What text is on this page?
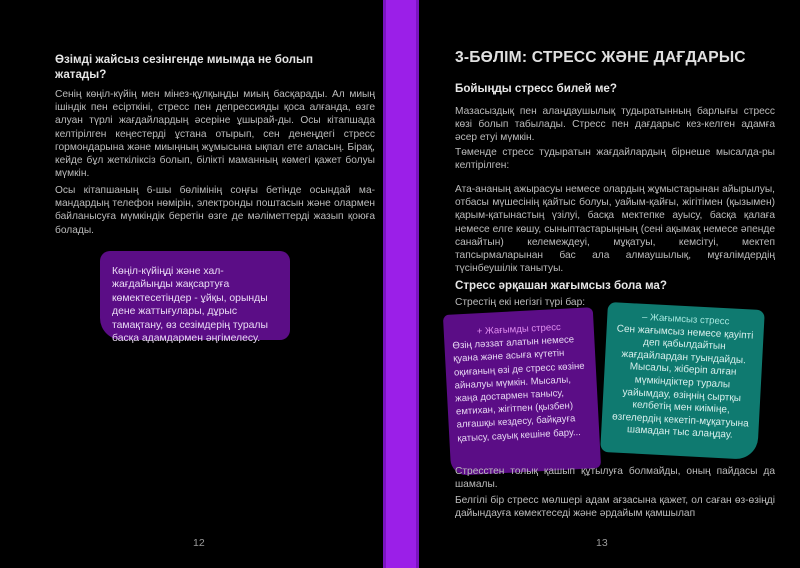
Өзімді жайсыз сезінгенде миымда не болып жатады?

Сенің көңіл-күйің мен мінез-құлқыңды миың басқарады. Ал миың ішіндік пен есірткіні, стресс пен депрессияды қоса алғанда, өзге алуан түрлі жағдайлардың әсеріне ұшырай-ды. Осы кітапшада келтірілген кеңестерді ұстана отырып, сен денеңдегі стресс гормондарына және миыңның жұмысына ықпал ете аласың. Бірақ, кейде бұл жеткіліксіз болып, білікті маманның көмегі қажет болуы мүмкін.

Осы кітапшаның 6-шы бөлімінің соңғы бетінде осындай ма-мандардың телефон нөмірін, электронды поштасын және олармен байланысуға мүмкіндік беретін өзге де мәліметтерді жазып қоюға болады.

Көңіл-күйіңді және хал-жағдайыңды жақсартуға көмектесетіндер - ұйқы, орынды дене жаттығулары, дұрыс тамақтану, өз сезімдерің туралы басқа адамдармен әңгімелесу.
12
3-БӨЛІМ: СТРЕСС ЖӘНЕ ДАҒДАРЫС
Бойыңды стресс билей ме?

Мазасыздық пен алаңдаушылық тудыратынның барлығы стресс көзі болып табылады. Стресс пен дағдарыс кез-келген адамға әсер етуі мүмкін.

Төменде стресс тудыратын жағдайлардың бірнеше мысалда-ры келтірілген:

Ата-ананың ажырасуы немесе олардың жұмыстарынан айырылуы, отбасы мүшесінің қайтыс болуы, уайым-қайғы, жігітімен (қызымен) қарым-қатынастың үзілуі, басқа мектепке ауысу, басқа қалаға немесе елге көшу, сыныптастарыңның (сені ақымақ немесе әпенде санайтын) келемеждеуі, мұқатуы, кемсітуі, мектеп тапсырмаларынан бас ала алмаушылық, мұғалімдердің түсінбеушілік танытуы.

Стресс әрқашан жағымсыз бола ма?

Стрестің екі негізгі түрі бар:

+ Жағымды стресс
Өзің ләззат алатын немесе қуана және асыға күтетін оқиғаның өзі де стресс көзіне айналуы мүмкін. Мысалы, жаңа достармен танысу, емтихан, жігітпен (қызбен) алғашқы кездесу, байқауға қатысу, сауық кешіне бару...
– Жағымсыз стресс
Сен жағымсыз немесе қауіпті деп қабылдайтын жағдайлардан туындайды. Мысалы, жіберіп алған мүмкіндіктер туралы уайымдау, өзіңнің сыртқы келбетің мен киіміңе, өзгелердің кекетіп-мұқатуына шамадан тыс алаңдау.

Стресстен толық қашып құтылуға болмайды, оның пайдасы да шамалы.

Белгілі бір стресс мөлшері адам ағзасына қажет, ол саған өз-өзіңді дайындауға көмектеседі және әрдайым қамшылап

13
